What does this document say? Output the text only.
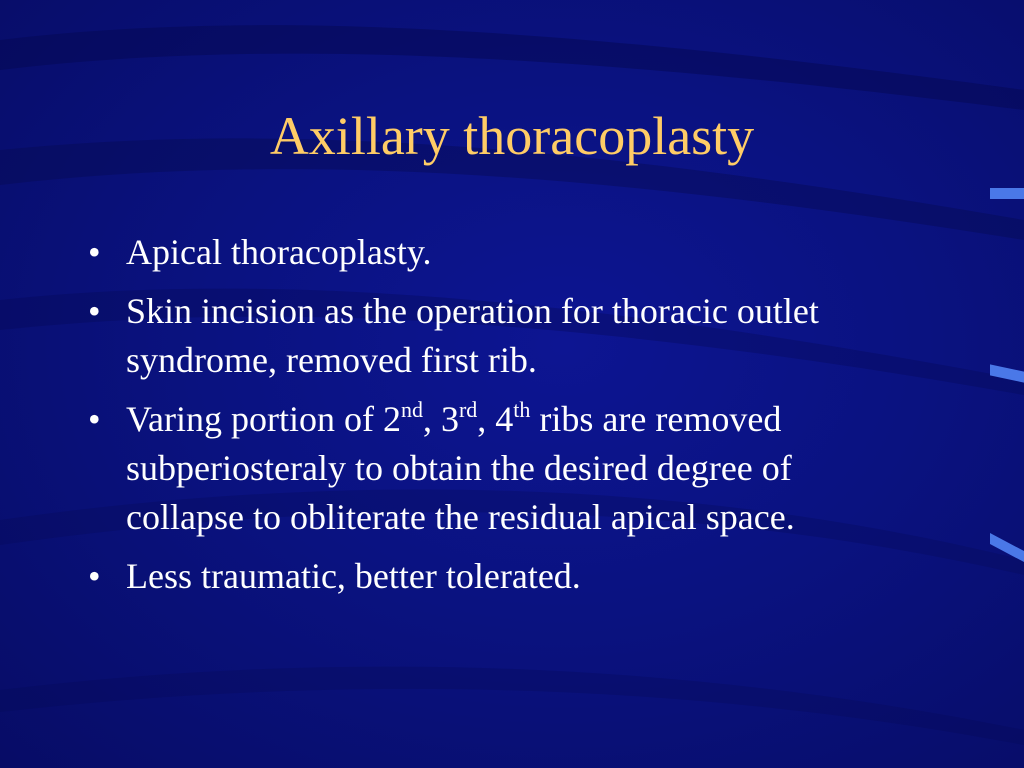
Axillary thoracoplasty
• Apical thoracoplasty.
• Skin incision as the operation for thoracic outlet syndrome, removed first rib.
• Varing portion of 2nd, 3rd, 4th ribs are removed subperiosteraly to obtain the desired degree of collapse to obliterate the residual apical space.
• Less traumatic, better tolerated.
